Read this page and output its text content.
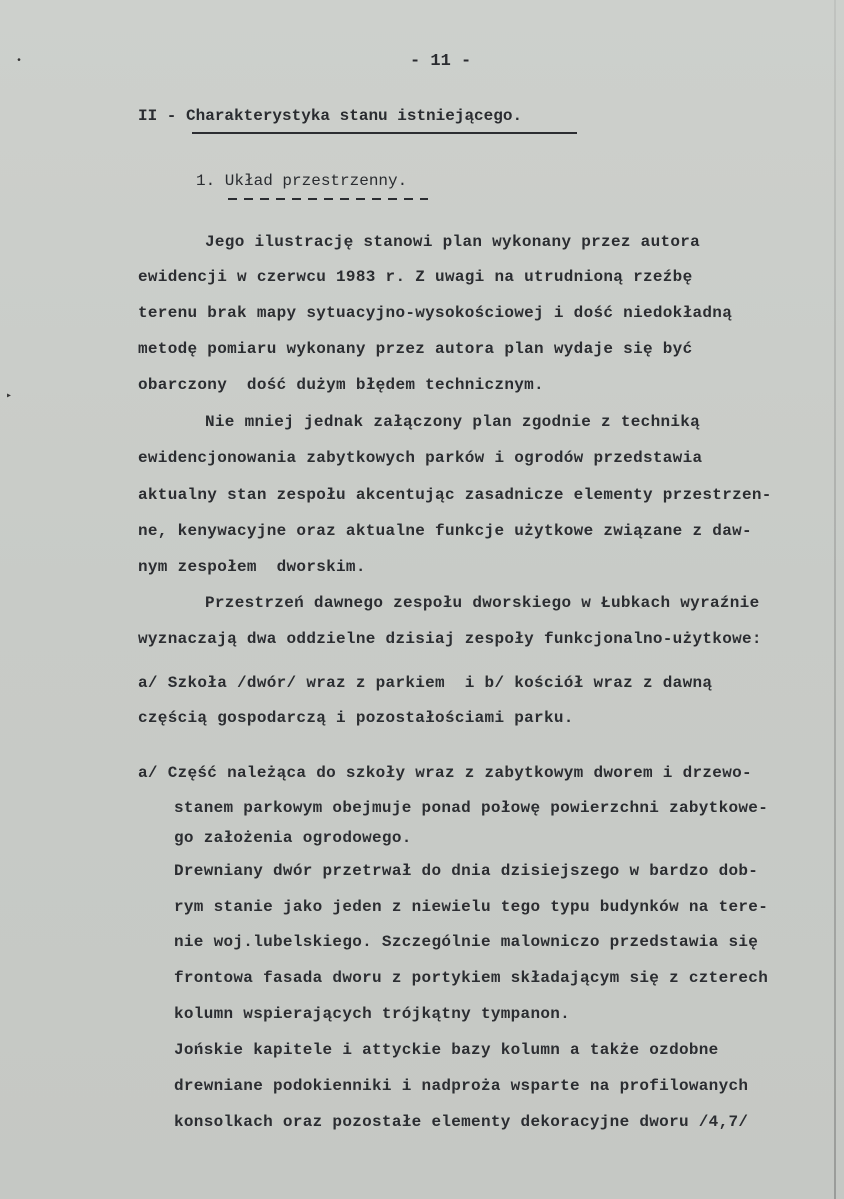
•
▸
- 11 -
II - Charakterystyka stanu istniejącego.
1. Układ przestrzenny.
Jego ilustrację stanowi plan wykonany przez autora
ewidencji w czerwcu 1983 r. Z uwagi na utrudnioną rzeźbę
terenu brak mapy sytuacyjno-wysokościowej i dość niedokładną
metodę pomiaru wykonany przez autora plan wydaje się być
obarczony  dość dużym błędem technicznym.
Nie mniej jednak załączony plan zgodnie z techniką
ewidencjonowania zabytkowych parków i ogrodów przedstawia
aktualny stan zespołu akcentując zasadnicze elementy przestrzen-
ne, kenywacyjne oraz aktualne funkcje użytkowe związane z daw-
nym zespołem  dworskim.
Przestrzeń dawnego zespołu dworskiego w Łubkach wyraźnie
wyznaczają dwa oddzielne dzisiaj zespoły funkcjonalno-użytkowe:
a/ Szkoła /dwór/ wraz z parkiem  i b/ kościół wraz z dawną
częścią gospodarczą i pozostałościami parku.
a/ Część należąca do szkoły wraz z zabytkowym dworem i drzewo-
stanem parkowym obejmuje ponad połowę powierzchni zabytkowe-
go założenia ogrodowego.
Drewniany dwór przetrwał do dnia dzisiejszego w bardzo dob-
rym stanie jako jeden z niewielu tego typu budynków na tere-
nie woj.lubelskiego. Szczególnie malowniczo przedstawia się
frontowa fasada dworu z portykiem składającym się z czterech
kolumn wspierających trójkątny tympanon.
Jońskie kapitele i attyckie bazy kolumn a także ozdobne
drewniane podokienniki i nadproża wsparte na profilowanych
konsolkach oraz pozostałe elementy dekoracyjne dworu /4,7/
